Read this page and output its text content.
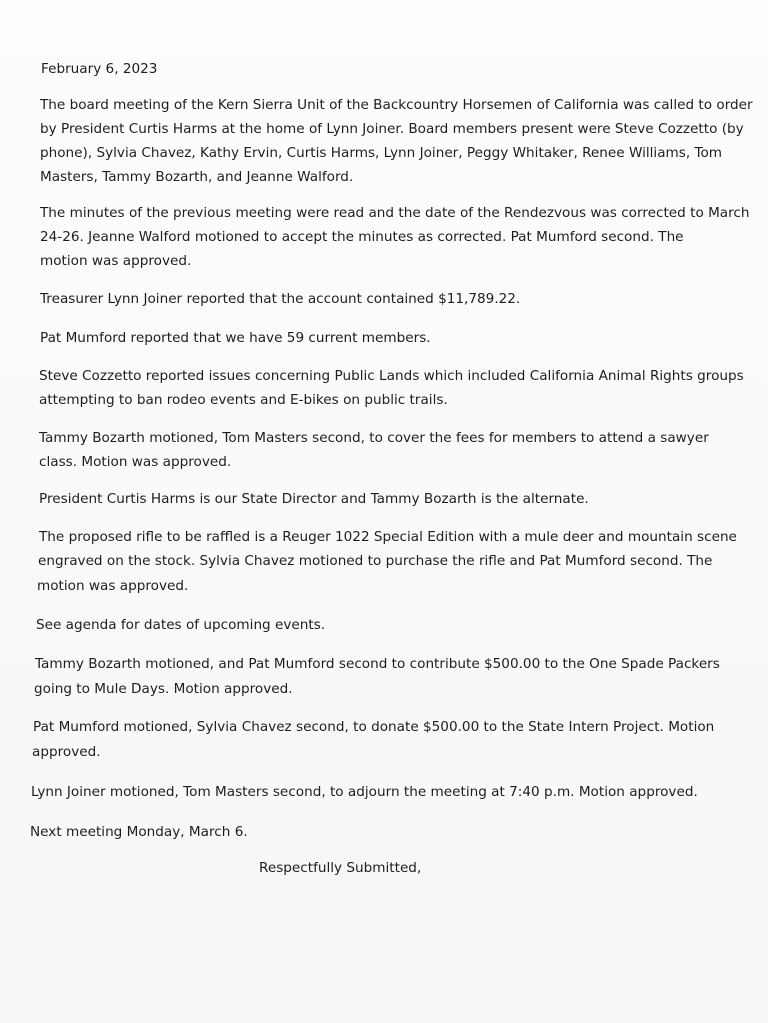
February 6, 2023

The board meeting of the Kern Sierra Unit of the Backcountry Horsemen of California was called to order

by President Curtis Harms at the home of Lynn Joiner. Board members present were Steve Cozzetto (by

phone), Sylvia Chavez, Kathy Ervin, Curtis Harms, Lynn Joiner, Peggy Whitaker, Renee Williams, Tom

Masters, Tammy Bozarth, and Jeanne Walford.

The minutes of the previous meeting were read and the date of the Rendezvous was corrected to March

24-26. Jeanne Walford motioned to accept the minutes as corrected. Pat Mumford second. The

motion was approved.

Treasurer Lynn Joiner reported that the account contained $11,789.22.

Pat Mumford reported that we have 59 current members.

Steve Cozzetto reported issues concerning Public Lands which included California Animal Rights groups

attempting to ban rodeo events and E-bikes on public trails.

Tammy Bozarth motioned, Tom Masters second, to cover the fees for members to attend a sawyer

class. Motion was approved.

President Curtis Harms is our State Director and Tammy Bozarth is the alternate.

The proposed rifle to be raffled is a Reuger 1022 Special Edition with a mule deer and mountain scene

engraved on the stock. Sylvia Chavez motioned to purchase the rifle and Pat Mumford second. The

motion was approved.

See agenda for dates of upcoming events.

Tammy Bozarth motioned, and Pat Mumford second to contribute $500.00 to the One Spade Packers

going to Mule Days. Motion approved.

Pat Mumford motioned, Sylvia Chavez second, to donate $500.00 to the State Intern Project. Motion

approved.

Lynn Joiner motioned, Tom Masters second, to adjourn the meeting at 7:40 p.m. Motion approved.

Next meeting Monday, March 6.

Respectfully Submitted,
